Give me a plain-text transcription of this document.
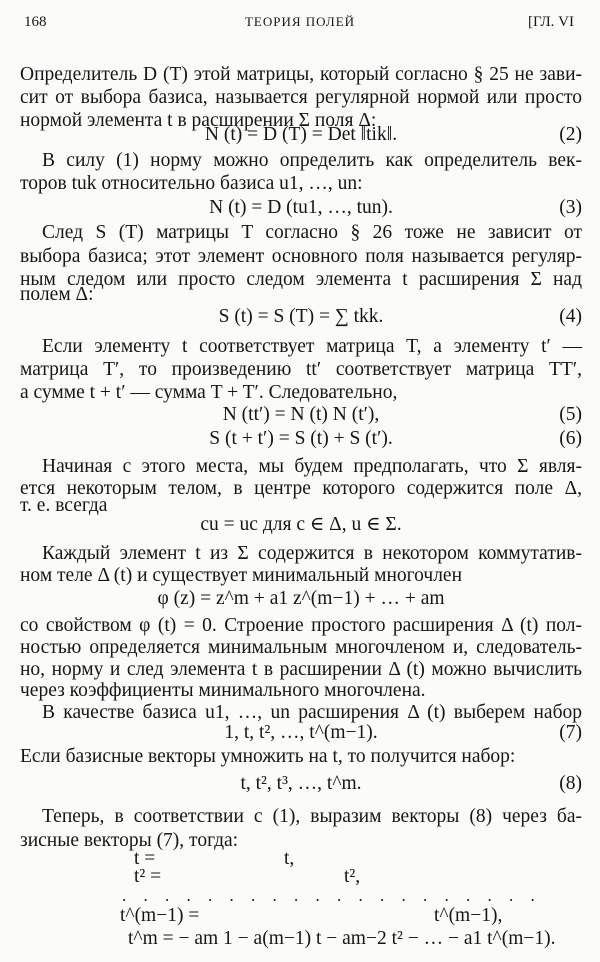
168	ТЕОРИЯ ПОЛЕЙ	[ГЛ. VI
Определитель D (T) этой матрицы, который согласно § 25 не зави-
сит от выбора базиса, называется регулярной нормой или просто
нормой элемента t в расширении Σ поля Δ:
N (t) = D (T) = Det ‖tik‖.	(2)
В силу (1) норму можно определить как определитель век-
торов tuk относительно базиса u1, …, un:
N (t) = D (tu1, …, tun).	(3)
След S (T) матрицы T согласно § 26 тоже не зависит от
выбора базиса; этот элемент основного поля называется регуляр-
ным следом или просто следом элемента t расширения Σ над
полем Δ:
S (t) = S (T) = ∑ tkk.	(4)
Если элементу t соответствует матрица T, а элементу t′ —
матрица T′, то произведению tt′ соответствует матрица TT′,
а сумме t + t′ — сумма T + T′. Следовательно,
N (tt′) = N (t) N (t′),	(5)
S (t + t′) = S (t) + S (t′).	(6)
Начиная с этого места, мы будем предполагать, что Σ явля-
ется некоторым телом, в центре которого содержится поле Δ,
т. е. всегда
cu = uc для c ∈ Δ, u ∈ Σ.
Каждый элемент t из Σ содержится в некотором коммутатив-
ном теле Δ (t) и существует минимальный многочлен
φ (z) = z^m + a1 z^(m−1) + … + am
со свойством φ (t) = 0. Строение простого расширения Δ (t) пол-
ностью определяется минимальным многочленом и, следователь-
но, норму и след элемента t в расширении Δ (t) можно вычислить
через коэффициенты минимального многочлена.
В качестве базиса u1, …, un расширения Δ (t) выберем набор
1, t, t², …, t^(m−1).	(7)
Если базисные векторы умножить на t, то получится набор:
t, t², t³, …, t^m.	(8)
Теперь, в соответствии с (1), выразим векторы (8) через ба-
зисные векторы (7), тогда:
t =	t,
t² =	t²,
. . . . . . . . . . . . . . . . . . . .
t^(m−1) =	t^(m−1),
t^m = − am 1 − a(m−1) t − am−2 t² − … − a1 t^(m−1).
